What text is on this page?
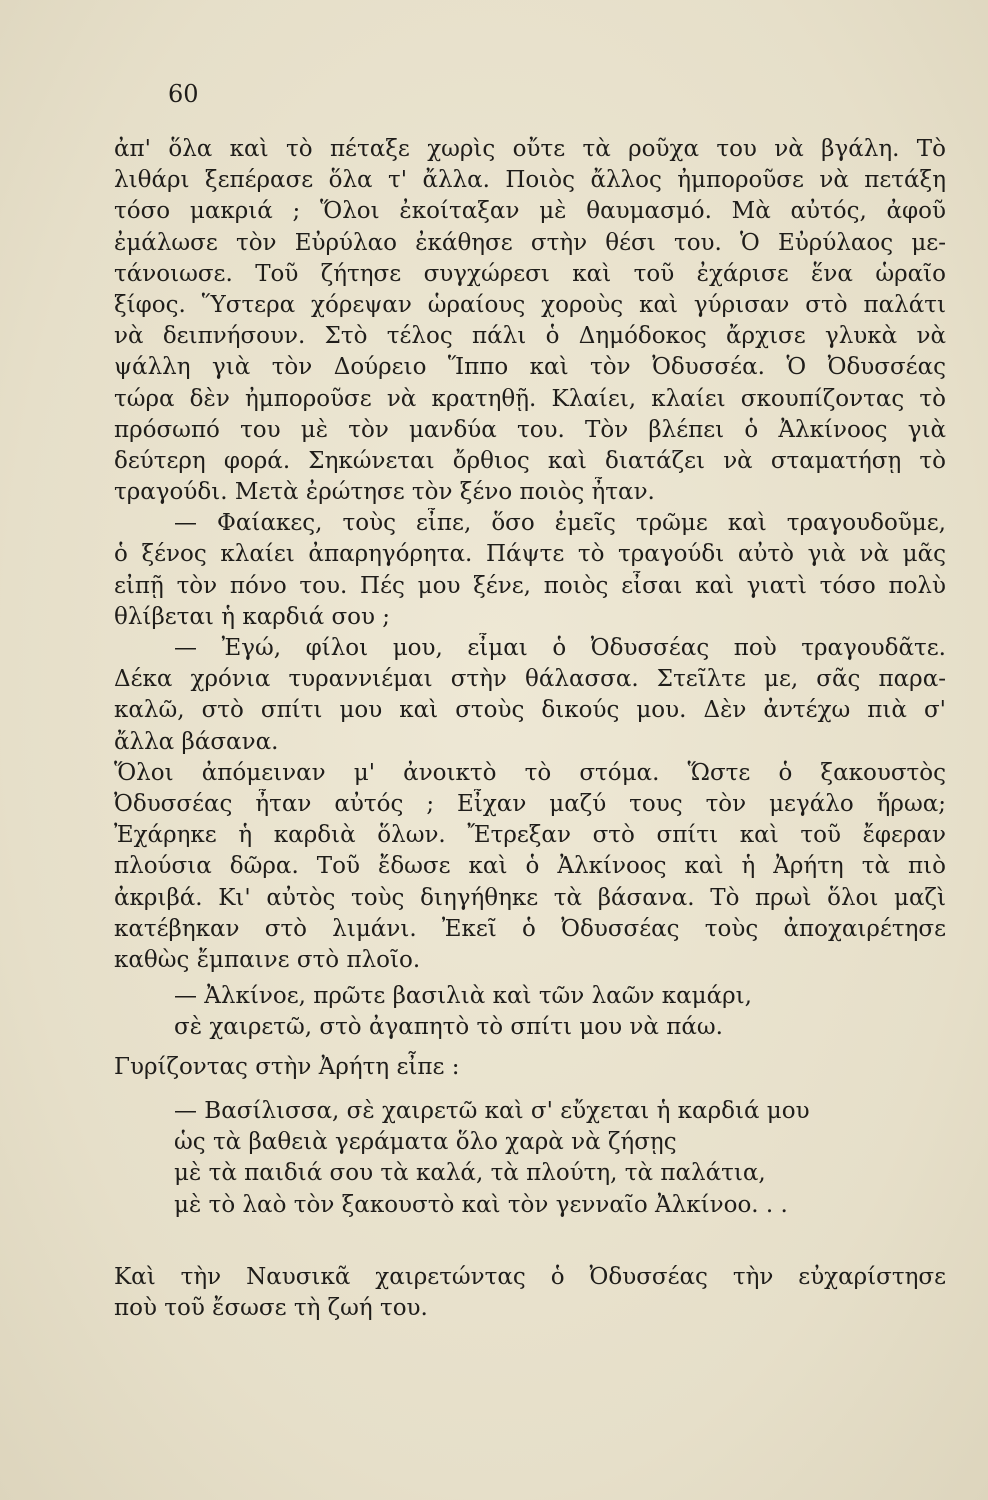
60
ἀπ' ὅλα καὶ τὸ πέταξε χωρὶς οὔτε τὰ ροῦχα του νὰ βγάλη. Τὸ
λιθάρι ξεπέρασε ὅλα τ' ἄλλα. Ποιὸς ἄλλος ἠμποροῦσε νὰ πετάξη
τόσο μακριά ; Ὅλοι ἐκοίταξαν μὲ θαυμασμό. Μὰ αὐτός, ἀφοῦ
ἐμάλωσε τὸν Εὐρύλαο ἐκάθησε στὴν θέσι του. Ὁ Εὐρύλαος με-
τάνοιωσε. Τοῦ ζήτησε συγχώρεσι καὶ τοῦ ἐχάρισε ἕνα ὡραῖο
ξίφος. Ὕστερα χόρεψαν ὡραίους χοροὺς καὶ γύρισαν στὸ παλάτι
νὰ δειπνήσουν. Στὸ τέλος πάλι ὁ Δημόδοκος ἄρχισε γλυκὰ νὰ
ψάλλη γιὰ τὸν Δούρειο Ἵππο καὶ τὸν Ὀδυσσέα. Ὁ Ὀδυσσέας
τώρα δὲν ἠμποροῦσε νὰ κρατηθῇ. Κλαίει, κλαίει σκουπίζοντας τὸ
πρόσωπό του μὲ τὸν μανδύα του. Τὸν βλέπει ὁ Ἀλκίνοος γιὰ
δεύτερη φορά. Σηκώνεται ὄρθιος καὶ διατάζει νὰ σταματήσῃ τὸ
τραγούδι. Μετὰ ἐρώτησε τὸν ξένο ποιὸς ἦταν.
— Φαίακες, τοὺς εἶπε, ὅσο ἐμεῖς τρῶμε καὶ τραγουδοῦμε,
ὁ ξένος κλαίει ἀπαρηγόρητα. Πάψτε τὸ τραγούδι αὐτὸ γιὰ νὰ μᾶς
εἰπῇ τὸν πόνο του. Πές μου ξένε, ποιὸς εἶσαι καὶ γιατὶ τόσο πολὺ
θλίβεται ἡ καρδιά σου ;
— Ἐγώ, φίλοι μου, εἶμαι ὁ Ὀδυσσέας ποὺ τραγουδᾶτε.
Δέκα χρόνια τυραννιέμαι στὴν θάλασσα. Στεῖλτε με, σᾶς παρα-
καλῶ, στὸ σπίτι μου καὶ στοὺς δικούς μου. Δὲν ἀντέχω πιὰ σ'
ἄλλα βάσανα.
Ὅλοι ἀπόμειναν μ' ἀνοικτὸ τὸ στόμα. Ὥστε ὁ ξακουστὸς
Ὀδυσσέας ἦταν αὐτός ; Εἶχαν μαζύ τους τὸν μεγάλο ἥρωα;
Ἐχάρηκε ἡ καρδιὰ ὅλων. Ἔτρεξαν στὸ σπίτι καὶ τοῦ ἔφεραν
πλούσια δῶρα. Τοῦ ἔδωσε καὶ ὁ Ἀλκίνοος καὶ ἡ Ἀρήτη τὰ πιὸ
ἀκριβά. Κι' αὐτὸς τοὺς διηγήθηκε τὰ βάσανα. Τὸ πρωὶ ὅλοι μαζὶ
κατέβηκαν στὸ λιμάνι. Ἐκεῖ ὁ Ὀδυσσέας τοὺς ἀποχαιρέτησε
καθὼς ἔμπαινε στὸ πλοῖο.
— Ἀλκίνοε, πρῶτε βασιλιὰ καὶ τῶν λαῶν καμάρι,
σὲ χαιρετῶ, στὸ ἀγαπητὸ τὸ σπίτι μου νὰ πάω.
Γυρίζοντας στὴν Ἀρήτη εἶπε :
— Βασίλισσα, σὲ χαιρετῶ καὶ σ' εὔχεται ἡ καρδιά μου
ὡς τὰ βαθειὰ γεράματα ὅλο χαρὰ νὰ ζήσῃς
μὲ τὰ παιδιά σου τὰ καλά, τὰ πλούτη, τὰ παλάτια,
μὲ τὸ λαὸ τὸν ξακουστὸ καὶ τὸν γενναῖο Ἀλκίνοο. . .
Καὶ τὴν Ναυσικᾶ χαιρετώντας ὁ Ὀδυσσέας τὴν εὐχαρίστησε
ποὺ τοῦ ἔσωσε τὴ ζωή του.
